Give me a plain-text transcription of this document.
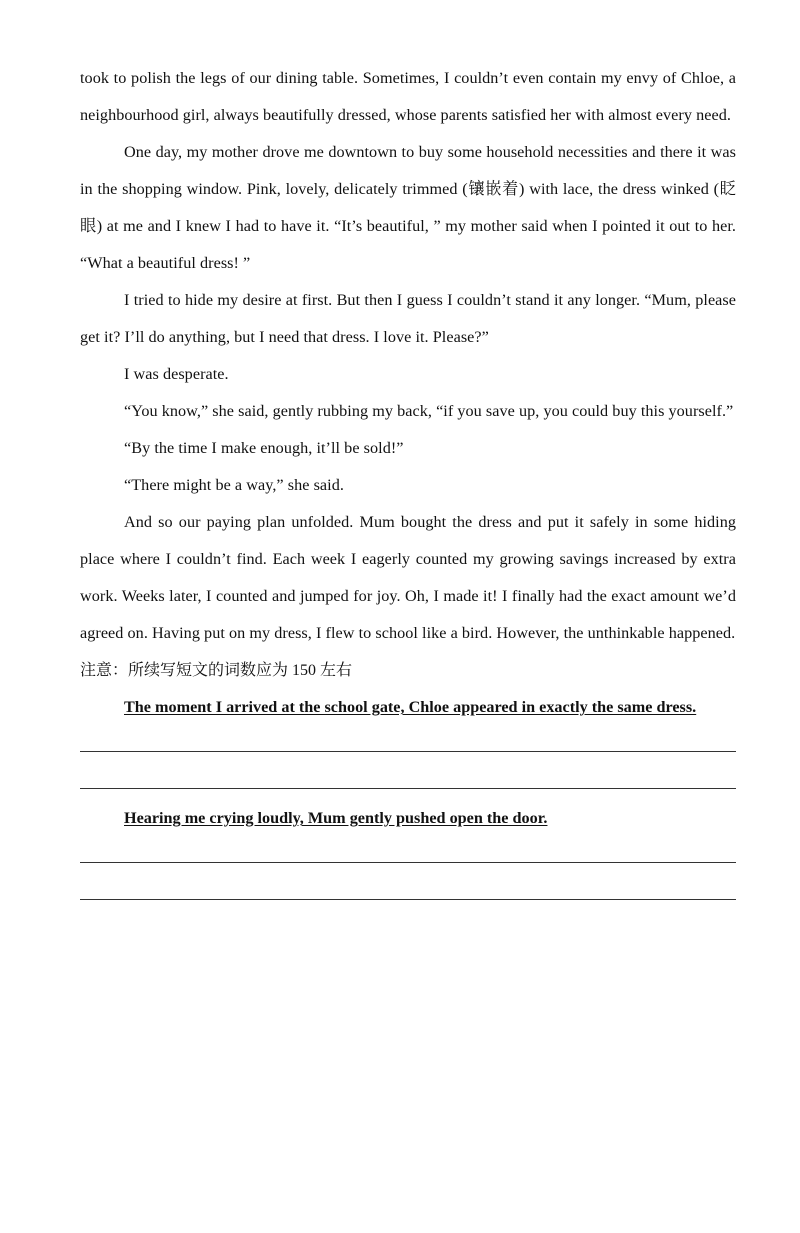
took to polish the legs of our dining table. Sometimes, I couldn’t even contain my envy of Chloe, a neighbourhood girl, always beautifully dressed, whose parents satisfied her with almost every need.

One day, my mother drove me downtown to buy some household necessities and there it was in the shopping window. Pink, lovely, delicately trimmed (镶嵌着) with lace, the dress winked (眨眼) at me and I knew I had to have it. “It’s beautiful, ” my mother said when I pointed it out to her. “What a beautiful dress! ”

I tried to hide my desire at first. But then I guess I couldn’t stand it any longer. “Mum, please get it? I’ll do anything, but I need that dress. I love it. Please?”

I was desperate.

“You know,” she said, gently rubbing my back, “if you save up, you could buy this yourself.”

“By the time I make enough, it’ll be sold!”

“There might be a way,” she said.

And so our paying plan unfolded. Mum bought the dress and put it safely in some hiding place where I couldn’t find. Each week I eagerly counted my growing savings increased by extra work. Weeks later, I counted and jumped for joy. Oh, I made it! I finally had the exact amount we’d agreed on. Having put on my dress, I flew to school like a bird. However, the unthinkable happened.

注意：所续写短文的词数应为 150 左右

The moment I arrived at the school gate, Chloe appeared in exactly the same dress.

Hearing me crying loudly, Mum gently pushed open the door.
